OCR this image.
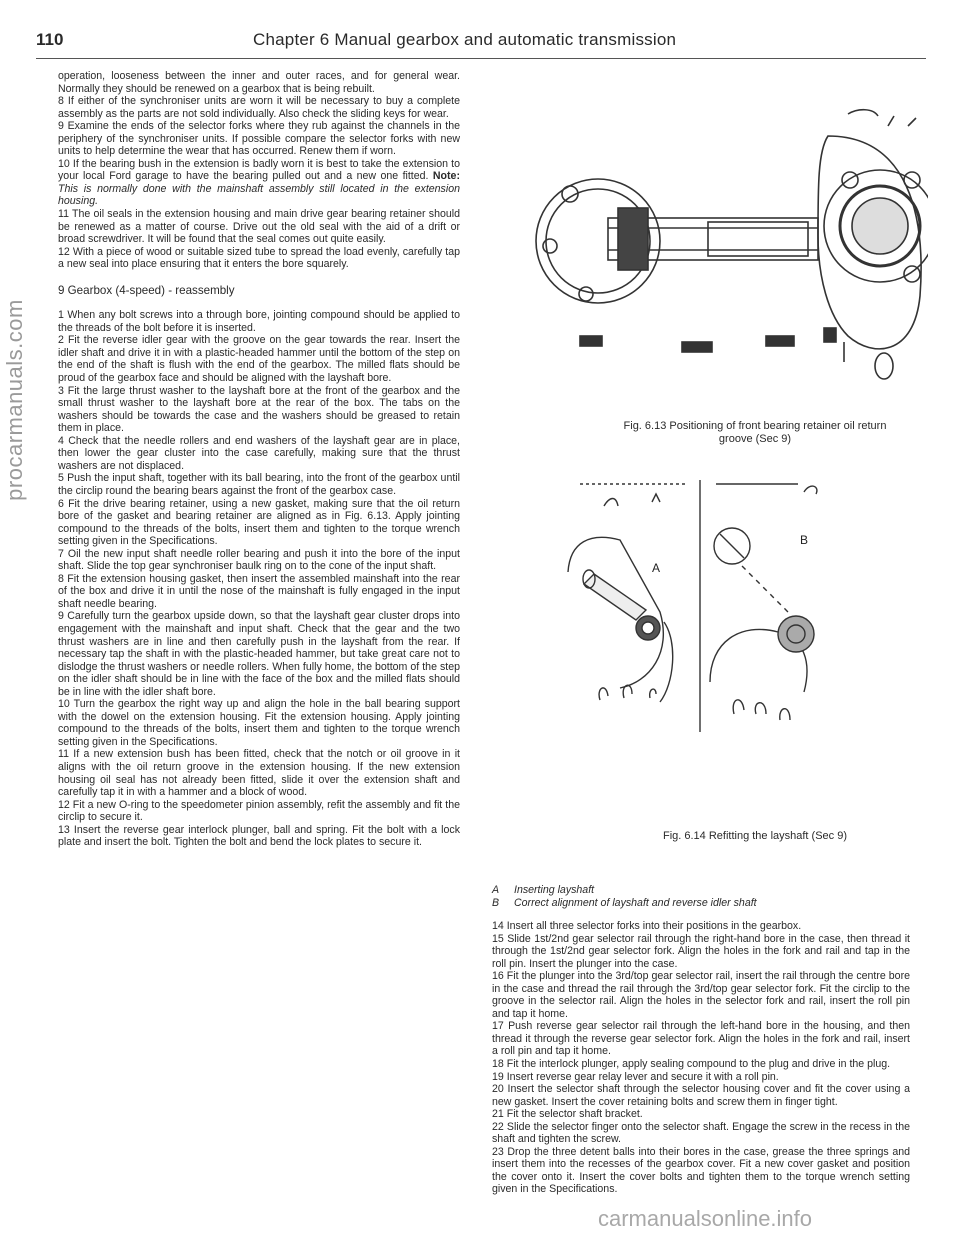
110	Chapter 6 Manual gearbox and automatic transmission
procarmanuals.com

operation, looseness between the inner and outer races, and for general wear. Normally they should be renewed on a gearbox that is being rebuilt.

8 If either of the synchroniser units are worn it will be necessary to buy a complete assembly as the parts are not sold individually. Also check the sliding keys for wear.

9 Examine the ends of the selector forks where they rub against the channels in the periphery of the synchroniser units. If possible compare the selector forks with new units to help determine the wear that has occurred. Renew them if worn.

10 If the bearing bush in the extension is badly worn it is best to take the extension to your local Ford garage to have the bearing pulled out and a new one fitted. Note: This is normally done with the mainshaft assembly still located in the extension housing.

11 The oil seals in the extension housing and main drive gear bearing retainer should be renewed as a matter of course. Drive out the old seal with the aid of a drift or broad screwdriver. It will be found that the seal comes out quite easily.

12 With a piece of wood or suitable sized tube to spread the load evenly, carefully tap a new seal into place ensuring that it enters the bore squarely.

9 Gearbox (4-speed) - reassembly

1 When any bolt screws into a through bore, jointing compound should be applied to the threads of the bolt before it is inserted.

2 Fit the reverse idler gear with the groove on the gear towards the rear. Insert the idler shaft and drive it in with a plastic-headed hammer until the bottom of the step on the end of the shaft is flush with the end of the gearbox. The milled flats should be proud of the gearbox face and should be aligned with the layshaft bore.

3 Fit the large thrust washer to the layshaft bore at the front of the gearbox and the small thrust washer to the layshaft bore at the rear of the box. The tabs on the washers should be towards the case and the washers should be greased to retain them in place.

4 Check that the needle rollers and end washers of the layshaft gear are in place, then lower the gear cluster into the case carefully, making sure that the thrust washers are not displaced.

5 Push the input shaft, together with its ball bearing, into the front of the gearbox until the circlip round the bearing bears against the front of the gearbox case.

6 Fit the drive bearing retainer, using a new gasket, making sure that the oil return bore of the gasket and bearing retainer are aligned as in Fig. 6.13. Apply jointing compound to the threads of the bolts, insert them and tighten to the torque wrench setting given in the Specifications.

7 Oil the new input shaft needle roller bearing and push it into the bore of the input shaft. Slide the top gear synchroniser baulk ring on to the cone of the input shaft.

8 Fit the extension housing gasket, then insert the assembled mainshaft into the rear of the box and drive it in until the nose of the mainshaft is fully engaged in the input shaft needle bearing.

9 Carefully turn the gearbox upside down, so that the layshaft gear cluster drops into engagement with the mainshaft and input shaft. Check that the gear and the two thrust washers are in line and then carefully push in the layshaft from the rear. If necessary tap the shaft in with the plastic-headed hammer, but take great care not to dislodge the thrust washers or needle rollers. When fully home, the bottom of the step on the idler shaft should be in line with the face of the box and the milled flats should be in line with the idler shaft bore.

10 Turn the gearbox the right way up and align the hole in the ball bearing support with the dowel on the extension housing. Fit the extension housing. Apply jointing compound to the threads of the bolts, insert them and tighten to the torque wrench setting given in the Specifications.

11 If a new extension bush has been fitted, check that the notch or oil groove in it aligns with the oil return groove in the extension housing. If the new extension housing oil seal has not already been fitted, slide it over the extension shaft and carefully tap it in with a hammer and a block of wood.

12 Fit a new O-ring to the speedometer pinion assembly, refit the assembly and fit the circlip to secure it.

13 Insert the reverse gear interlock plunger, ball and spring. Fit the bolt with a lock plate and insert the bolt. Tighten the bolt and bend the lock plates to secure it.

Fig. 6.13 Positioning of front bearing retainer oil return
groove (Sec 9)
A
B
Fig. 6.14 Refitting the layshaft (Sec 9)
A Inserting layshaft
B Correct alignment of layshaft and reverse idler shaft

14 Insert all three selector forks into their positions in the gearbox.

15 Slide 1st/2nd gear selector rail through the right-hand bore in the case, then thread it through the 1st/2nd gear selector fork. Align the holes in the fork and rail and tap in the roll pin. Insert the plunger into the case.

16 Fit the plunger into the 3rd/top gear selector rail, insert the rail through the centre bore in the case and thread the rail through the 3rd/top gear selector fork. Fit the circlip to the groove in the selector rail. Align the holes in the selector fork and rail, insert the roll pin and tap it home.

17 Push reverse gear selector rail through the left-hand bore in the housing, and then thread it through the reverse gear selector fork. Align the holes in the fork and rail, insert a roll pin and tap it home.

18 Fit the interlock plunger, apply sealing compound to the plug and drive in the plug.

19 Insert reverse gear relay lever and secure it with a roll pin.

20 Insert the selector shaft through the selector housing cover and fit the cover using a new gasket. Insert the cover retaining bolts and screw them in finger tight.

21 Fit the selector shaft bracket.

22 Slide the selector finger onto the selector shaft. Engage the screw in the recess in the shaft and tighten the screw.

23 Drop the three detent balls into their bores in the case, grease the three springs and insert them into the recesses of the gearbox cover. Fit a new cover gasket and position the cover onto it. Insert the cover bolts and tighten them to the torque wrench setting given in the Specifications.

carmanualsonline.info
